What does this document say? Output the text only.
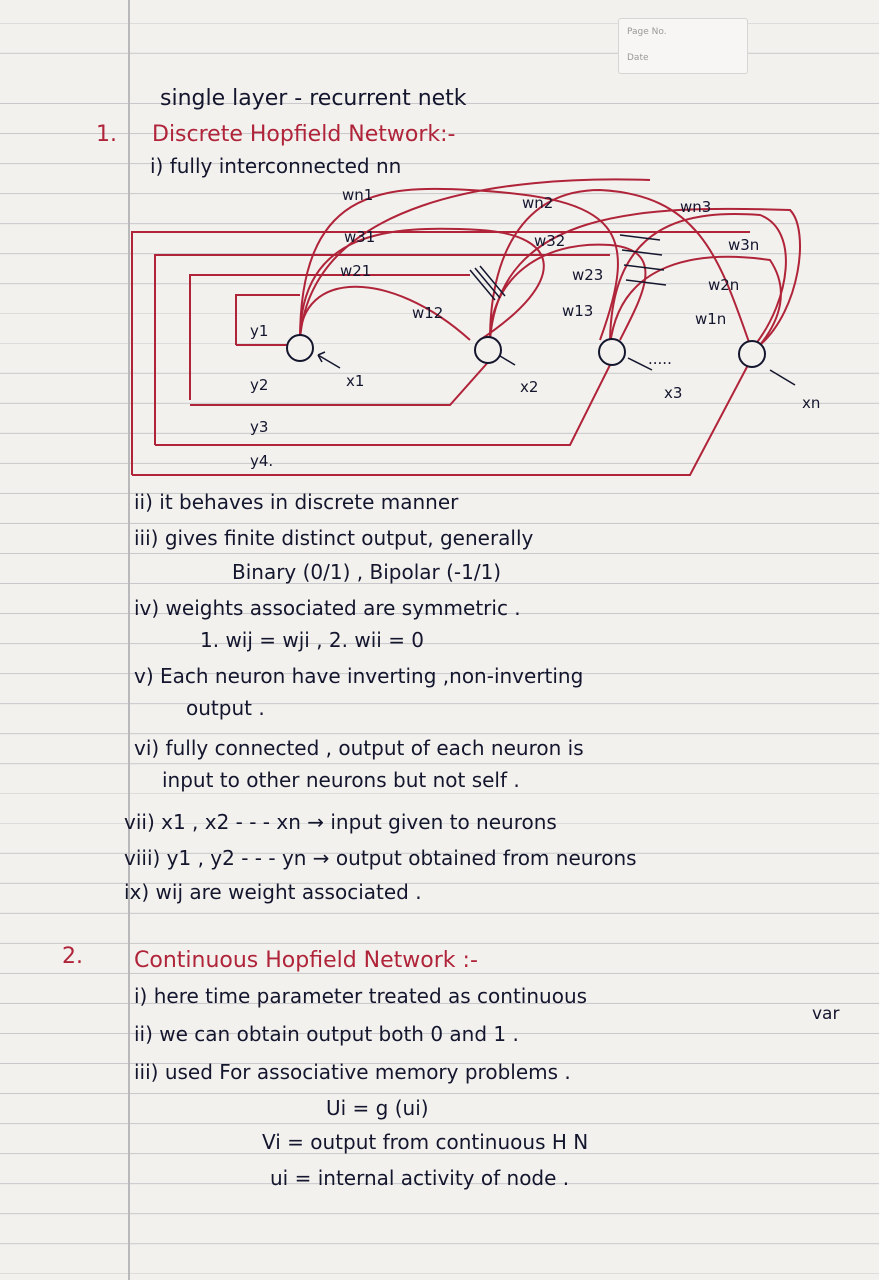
Page No.
Date
single layer - recurrent netk
1. Discrete Hopfield Network:-
i) fully interconnected nn
wn1	wn2	wn3
w31	w32	w3n
w21	w23
w2n
w12	w13	w1n
y1
y2
y3
y4.
x1	x2	x3
xn
.....
ii) it behaves in discrete manner
iii) gives finite distinct output, generally
Binary (0/1) , Bipolar (-1/1)
iv) weights associated are symmetric .
1. wij = wji , 2. wii = 0
v) Each neuron have inverting ,non-inverting
output .
vi) fully connected , output of each neuron is
input to other neurons but not self .
vii) x1 , x2 - - - xn → input given to neurons
viii) y1 , y2 - - - yn → output obtained from neurons
ix) wij are weight associated .
2. Continuous Hopfield Network :-
i) here time parameter treated as continuous
var
ii) we can obtain output both 0 and 1 .
iii) used For associative memory problems .
Ui = g (ui)
Vi = output from continuous H N
ui = internal activity of node .
